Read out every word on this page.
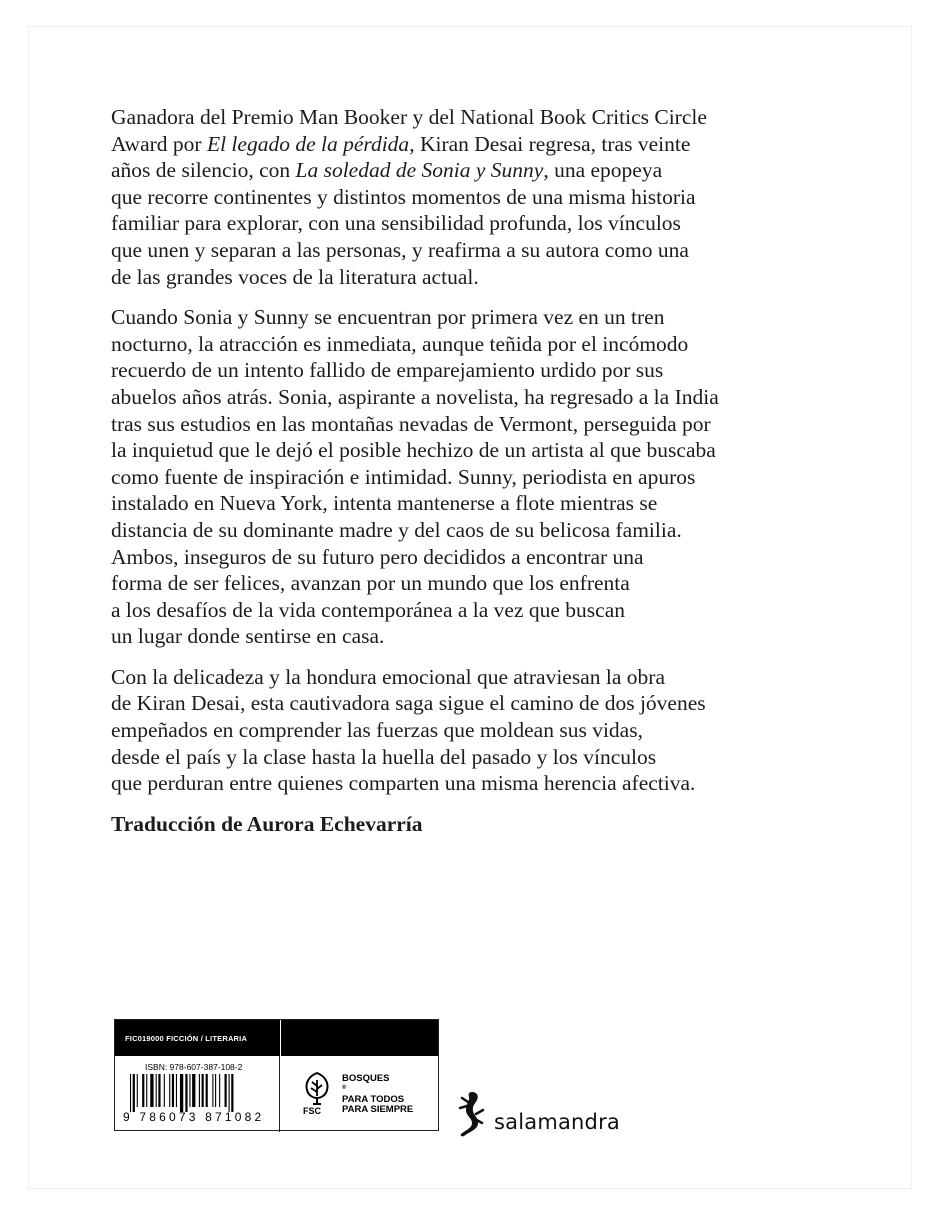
Ganadora del Premio Man Booker y del National Book Critics Circle
Award por El legado de la pérdida, Kiran Desai regresa, tras veinte
años de silencio, con La soledad de Sonia y Sunny, una epopeya
que recorre continentes y distintos momentos de una misma historia
familiar para explorar, con una sensibilidad profunda, los vínculos
que unen y separan a las personas, y reafirma a su autora como una
de las grandes voces de la literatura actual.

Cuando Sonia y Sunny se encuentran por primera vez en un tren
nocturno, la atracción es inmediata, aunque teñida por el incómodo
recuerdo de un intento fallido de emparejamiento urdido por sus
abuelos años atrás. Sonia, aspirante a novelista, ha regresado a la India
tras sus estudios en las montañas nevadas de Vermont, perseguida por
la inquietud que le dejó el posible hechizo de un artista al que buscaba
como fuente de inspiración e intimidad. Sunny, periodista en apuros
instalado en Nueva York, intenta mantenerse a flote mientras se
distancia de su dominante madre y del caos de su belicosa familia.
Ambos, inseguros de su futuro pero decididos a encontrar una
forma de ser felices, avanzan por un mundo que los enfrenta
a los desafíos de la vida contemporánea a la vez que buscan
un lugar donde sentirse en casa.

Con la delicadeza y la hondura emocional que atraviesan la obra
de Kiran Desai, esta cautivadora saga sigue el camino de dos jóvenes
empeñados en comprender las fuerzas que moldean sus vidas,
desde el país y la clase hasta la huella del pasado y los vínculos
que perduran entre quienes comparten una misma herencia afectiva.

Traducción de Aurora Echevarría

FIC019000 FICCIÓN / LITERARIA
ISBN: 978-607-387-108-2
9 786073 871082	FSC
BOSQUES
®
PARA TODOS
PARA SIEMPRE
salamandra
